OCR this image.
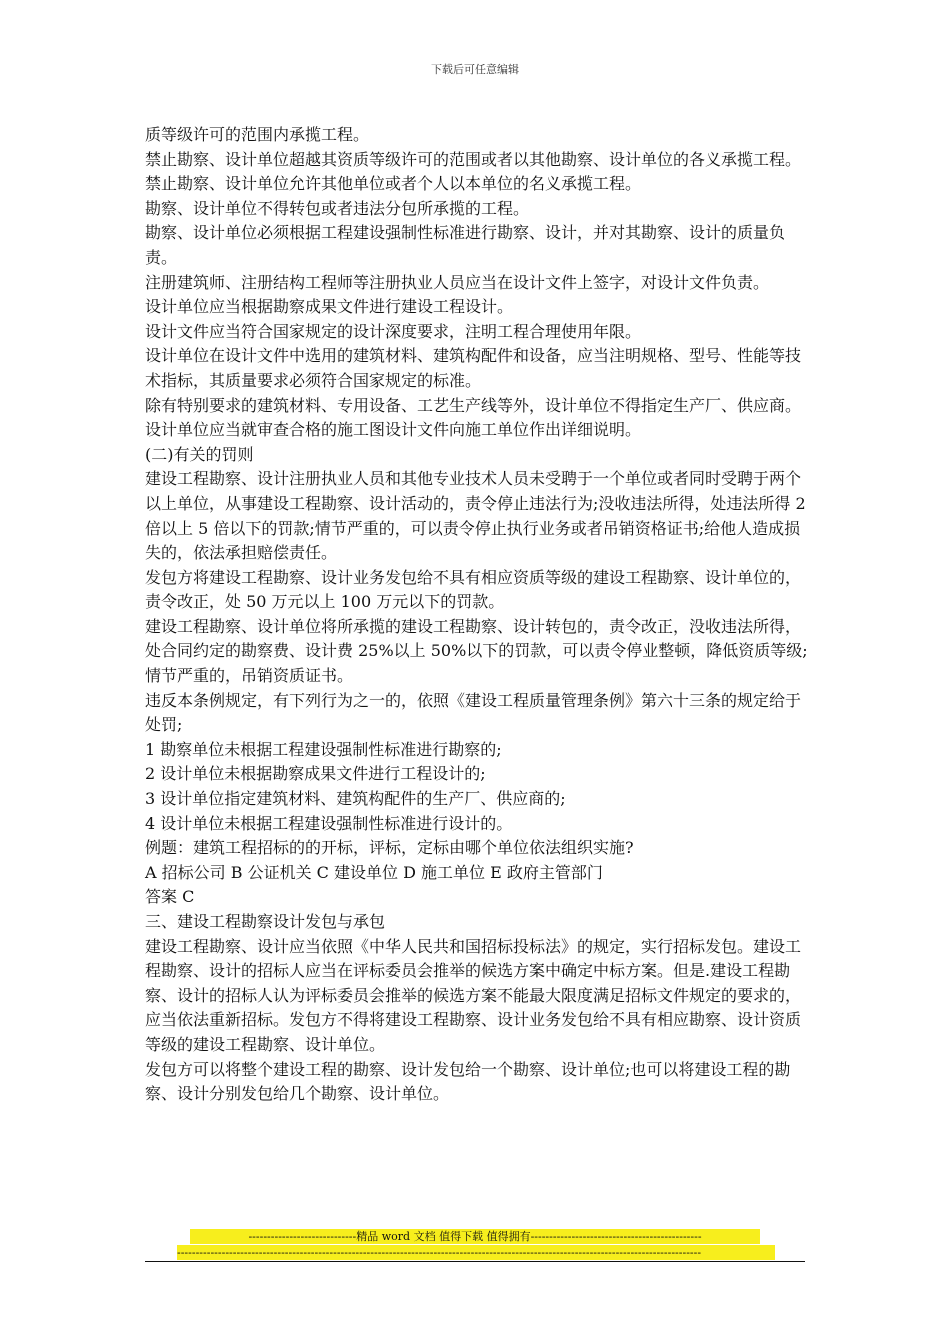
下载后可任意编辑

质等级许可的范围内承揽工程。

禁止勘察、设计单位超越其资质等级许可的范围或者以其他勘察、设计单位的各义承揽工程。禁止勘察、设计单位允许其他单位或者个人以本单位的名义承揽工程。

勘察、设计单位不得转包或者违法分包所承揽的工程。

勘察、设计单位必须根据工程建设强制性标准进行勘察、设计，并对其勘察、设计的质量负责。

注册建筑师、注册结构工程师等注册执业人员应当在设计文件上签字，对设计文件负责。

设计单位应当根据勘察成果文件进行建设工程设计。

设计文件应当符合国家规定的设计深度要求，注明工程合理使用年限。

设计单位在设计文件中选用的建筑材料、建筑构配件和设备，应当注明规格、型号、性能等技术指标，其质量要求必须符合国家规定的标准。

除有特别要求的建筑材料、专用设备、工艺生产线等外，设计单位不得指定生产厂、供应商。

设计单位应当就审查合格的施工图设计文件向施工单位作出详细说明。

(二)有关的罚则

建设工程勘察、设计注册执业人员和其他专业技术人员未受聘于一个单位或者同时受聘于两个以上单位，从事建设工程勘察、设计活动的，责令停止违法行为;没收违法所得，处违法所得 2 倍以上 5 倍以下的罚款;情节严重的，可以责令停止执行业务或者吊销资格证书;给他人造成损失的，依法承担赔偿责任。

发包方将建设工程勘察、设计业务发包给不具有相应资质等级的建设工程勘察、设计单位的，责令改正，处 50 万元以上 100 万元以下的罚款。

建设工程勘察、设计单位将所承揽的建设工程勘察、设计转包的，责令改正，没收违法所得，处合同约定的勘察费、设计费 25%以上 50%以下的罚款，可以责令停业整顿，降低资质等级;情节严重的，吊销资质证书。

违反本条例规定，有下列行为之一的，依照《建设工程质量管理条例》第六十三条的规定给于处罚;

1 勘察单位未根据工程建设强制性标准进行勘察的;

2 设计单位未根据勘察成果文件进行工程设计的;

3 设计单位指定建筑材料、建筑构配件的生产厂、供应商的;

4 设计单位未根据工程建设强制性标准进行设计的。

例题：建筑工程招标的的开标，评标，定标由哪个单位依法组织实施?

A 招标公司 B 公证机关 C 建设单位 D 施工单位 E 政府主管部门

答案 C

三、建设工程勘察设计发包与承包

建设工程勘察、设计应当依照《中华人民共和国招标投标法》的规定，实行招标发包。建设工程勘察、设计的招标人应当在评标委员会推举的候选方案中确定中标方案。但是.建设工程勘察、设计的招标人认为评标委员会推举的候选方案不能最大限度满足招标文件规定的要求的，应当依法重新招标。发包方不得将建设工程勘察、设计业务发包给不具有相应勘察、设计资质等级的建设工程勘察、设计单位。

发包方可以将整个建设工程的勘察、设计发包给一个勘察、设计单位;也可以将建设工程的勘察、设计分别发包给几个勘察、设计单位。

-----------------------------精品 word 文档 值得下载 值得拥有----------------------------------------------
---------------------------------------------------------------------------------------------------------------------------------------------
